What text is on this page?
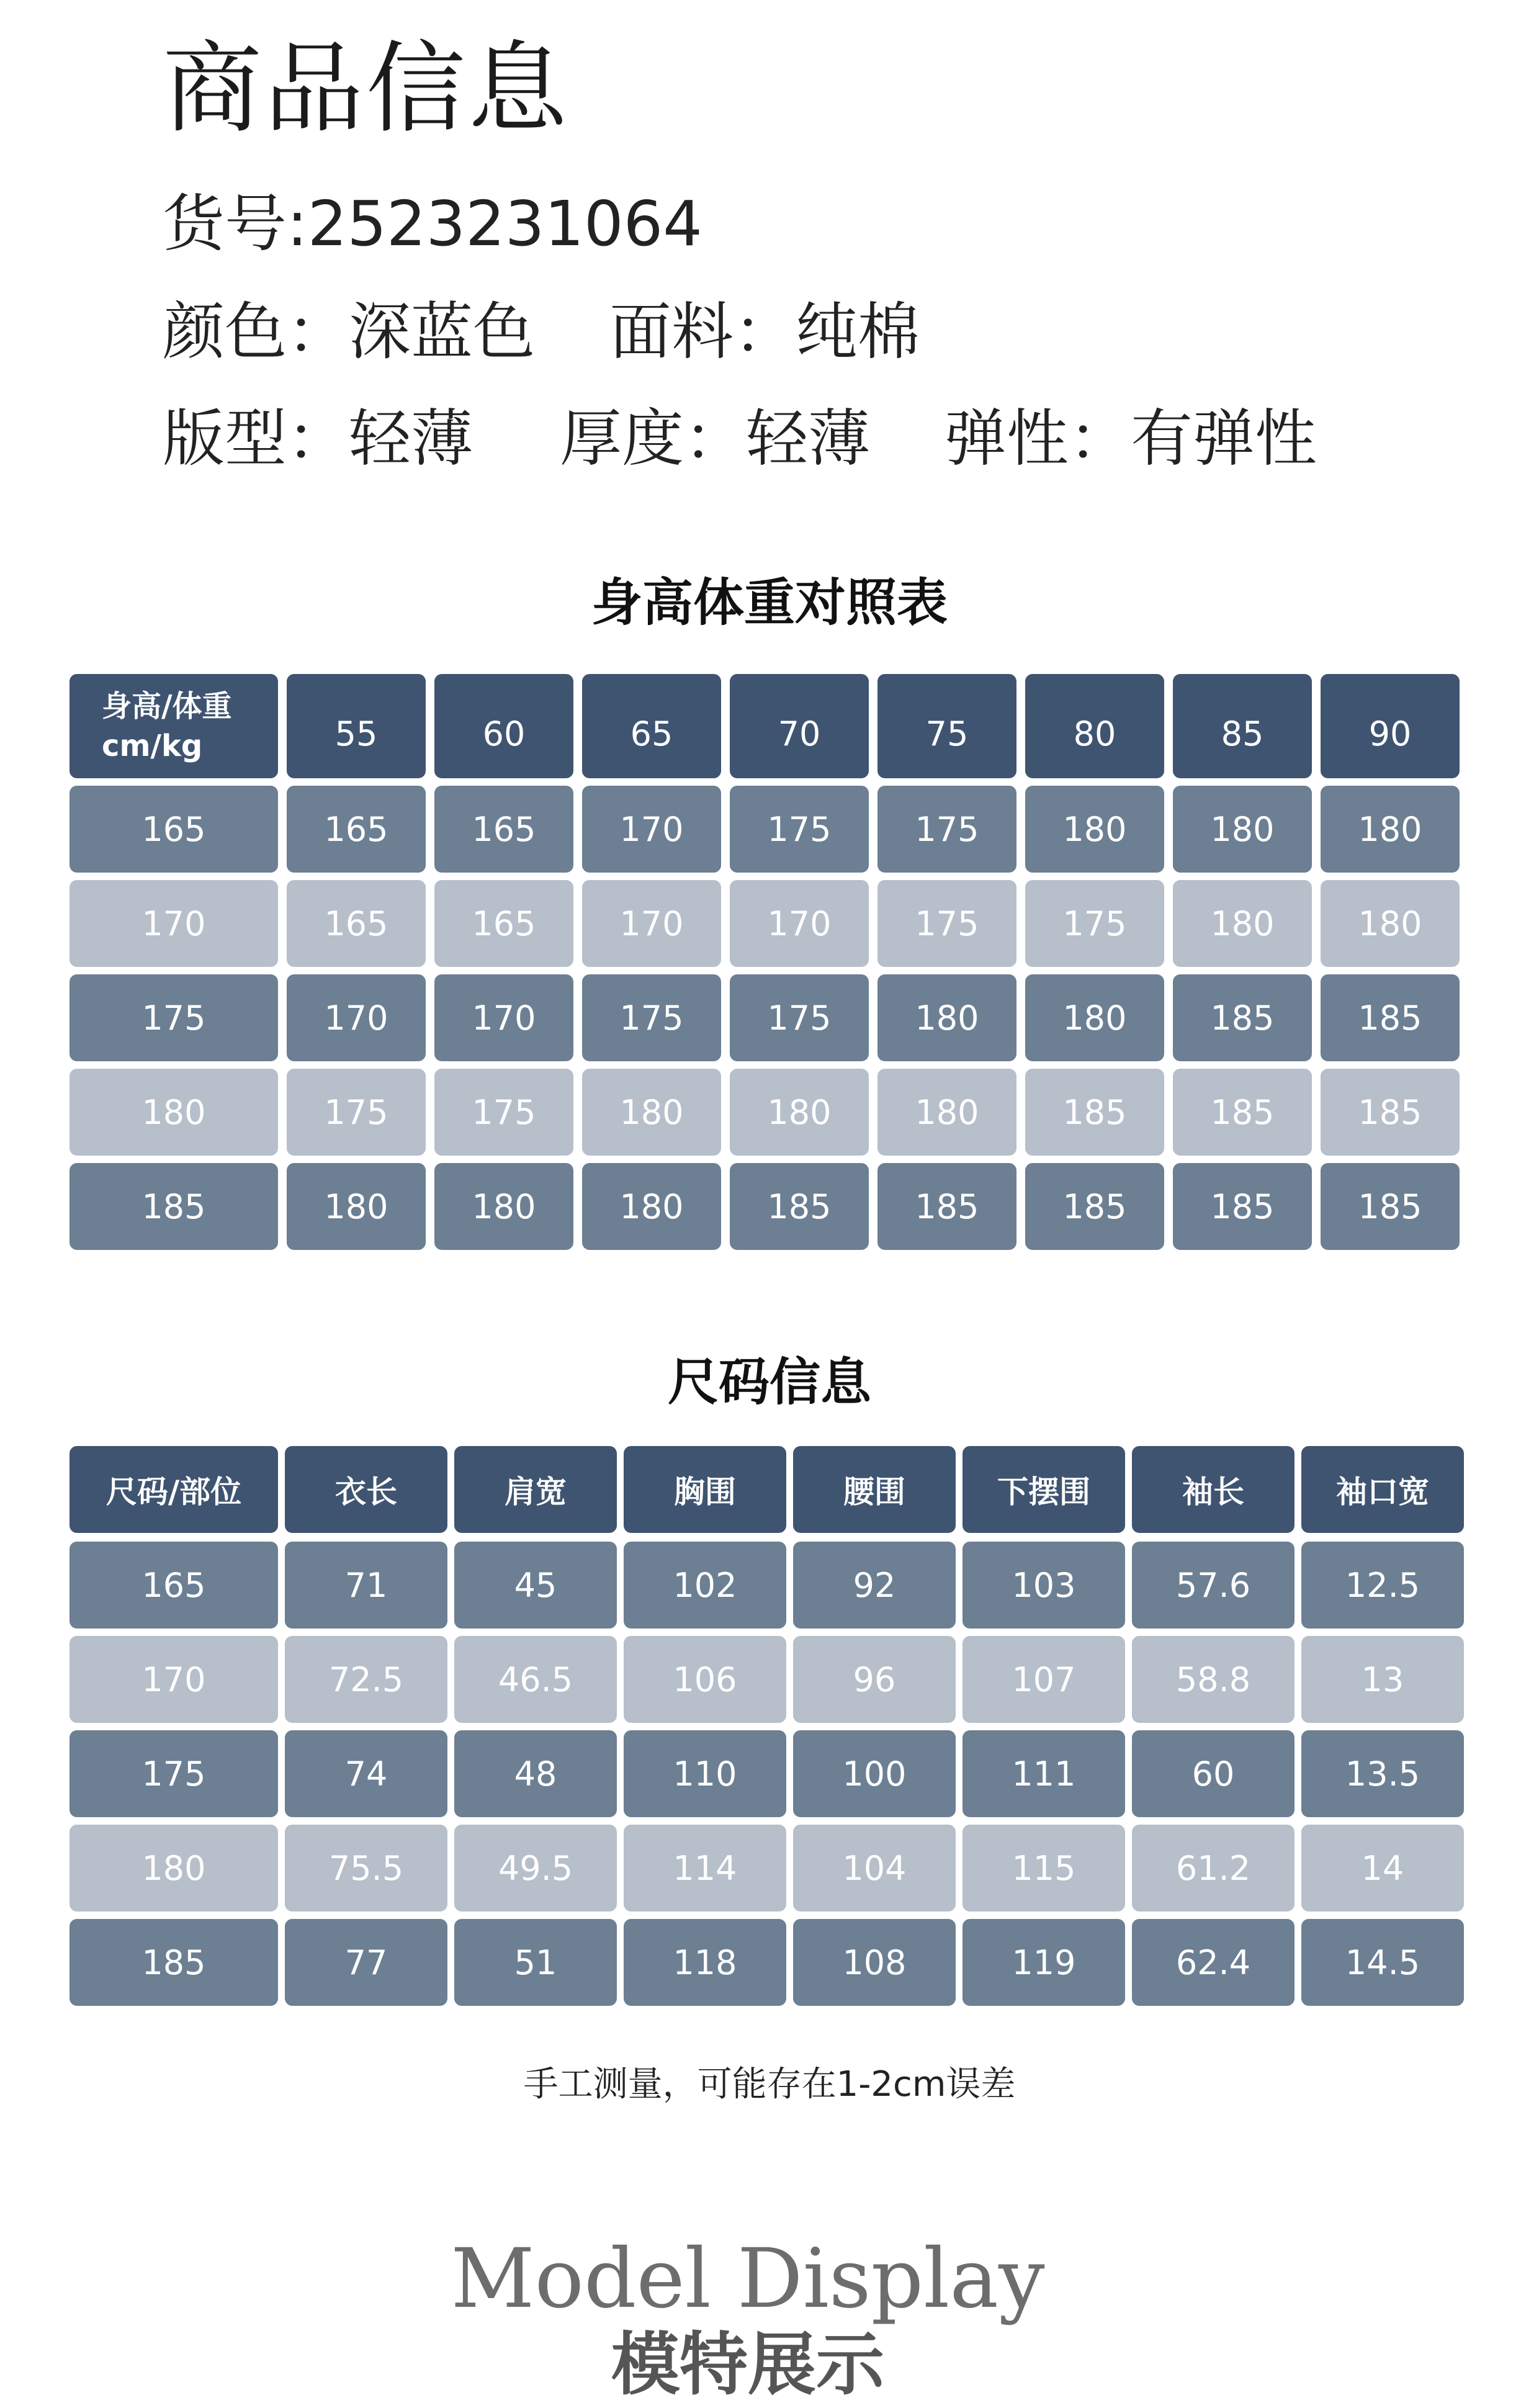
商品信息
货号:2523231064
颜色：深蓝色 面料：纯棉
版型：轻薄 厚度：轻薄 弹性：有弹性
身高体重对照表
身高/体重
cm/kg	55	60	65	70	75	80	85	90
165	165	165	170	175	175	180	180	180
170	165	165	170	170	175	175	180	180
175	170	170	175	175	180	180	185	185
180	175	175	180	180	180	185	185	185
185	180	180	180	185	185	185	185	185
尺码信息
尺码/部位	衣长	肩宽	胸围	腰围	下摆围	袖长	袖口宽
165	71	45	102	92	103	57.6	12.5
170	72.5	46.5	106	96	107	58.8	13
175	74	48	110	100	111	60	13.5
180	75.5	49.5	114	104	115	61.2	14
185	77	51	118	108	119	62.4	14.5
手工测量，可能存在1-2cm误差
Model Display
模特展示
